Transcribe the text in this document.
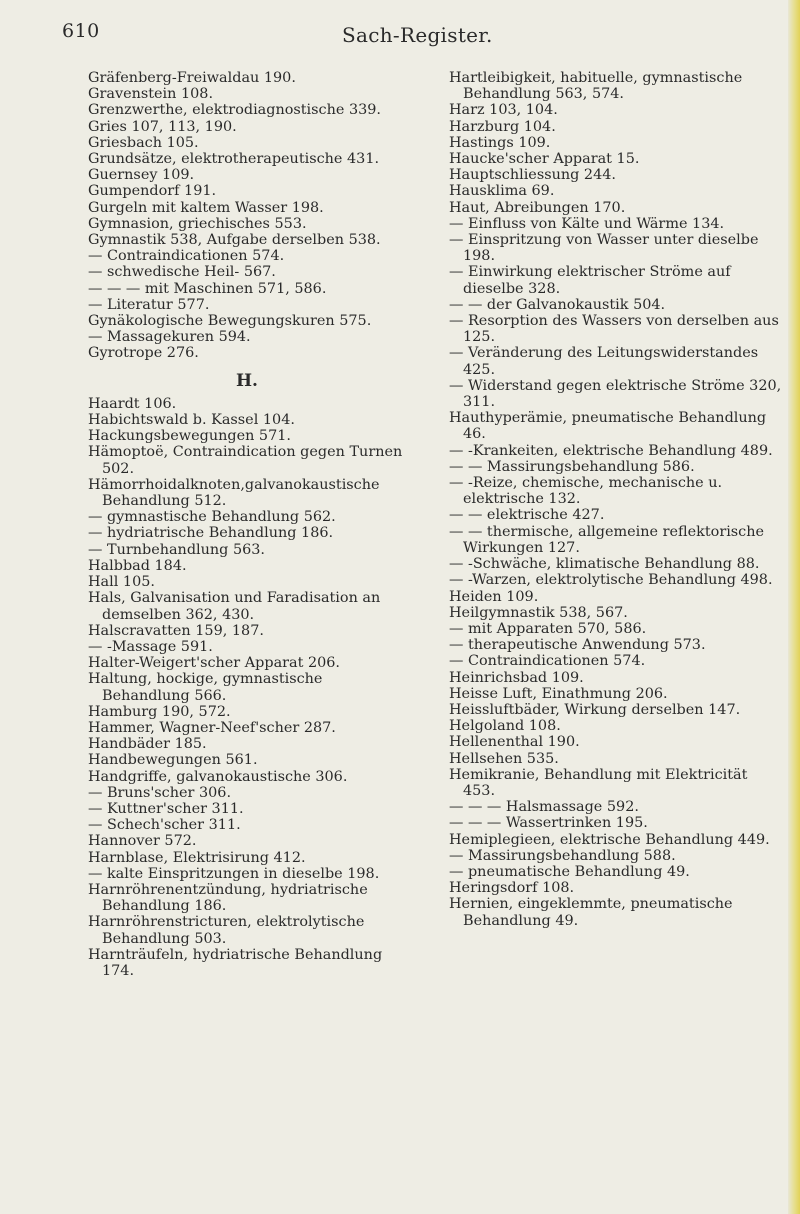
610	Sach-Register.

Gräfenberg-Freiwaldau 190.

Gravenstein 108.

Grenzwerthe, elektrodiagnostische 339.

Gries 107, 113, 190.

Griesbach 105.

Grundsätze, elektrotherapeutische 431.

Guernsey 109.

Gumpendorf 191.

Gurgeln mit kaltem Wasser 198.

Gymnasion, griechisches 553.

Gymnastik 538, Aufgabe derselben 538.

— Contraindicationen 574.

— schwedische Heil- 567.

— — — mit Maschinen 571, 586.

— Literatur 577.

Gynäkologische Bewegungskuren 575.

— Massagekuren 594.

Gyrotrope 276.

H.

Haardt 106.

Habichtswald b. Kassel 104.

Hackungsbewegungen 571.

Hämoptoë, Contraindication gegen Turnen 502.

Hämorrhoidalknoten,galvanokaustische Behandlung 512.

— gymnastische Behandlung 562.

— hydriatrische Behandlung 186.

— Turnbehandlung 563.

Halbbad 184.

Hall 105.

Hals, Galvanisation und Faradisation an demselben 362, 430.

Halscravatten 159, 187.

— -Massage 591.

Halter-Weigert'scher Apparat 206.

Haltung, hockige, gymnastische Behandlung 566.

Hamburg 190, 572.

Hammer, Wagner-Neef'scher 287.

Handbäder 185.

Handbewegungen 561.

Handgriffe, galvanokaustische 306.

— Bruns'scher 306.

— Kuttner'scher 311.

— Schech'scher 311.

Hannover 572.

Harnblase, Elektrisirung 412.

— kalte Einspritzungen in dieselbe 198.

Harnröhrenentzündung, hydriatrische Behandlung 186.

Harnröhrenstricturen, elektrolytische Behandlung 503.

Harnträufeln, hydriatrische Behandlung 174.

Hartleibigkeit, habituelle, gymnastische Behandlung 563, 574.

Harz 103, 104.

Harzburg 104.

Hastings 109.

Haucke'scher Apparat 15.

Hauptschliessung 244.

Hausklima 69.

Haut, Abreibungen 170.

— Einfluss von Kälte und Wärme 134.

— Einspritzung von Wasser unter dieselbe 198.

— Einwirkung elektrischer Ströme auf dieselbe 328.

— — der Galvanokaustik 504.

— Resorption des Wassers von derselben aus 125.

— Veränderung des Leitungswiderstandes 425.

— Widerstand gegen elektrische Ströme 320, 311.

Hauthyperämie, pneumatische Behandlung 46.

— -Krankeiten, elektrische Behandlung 489.

— — Massirungsbehandlung 586.

— -Reize, chemische, mechanische u. elektrische 132.

— — elektrische 427.

— — thermische, allgemeine reflektorische Wirkungen 127.

— -Schwäche, klimatische Behandlung 88.

— -Warzen, elektrolytische Behandlung 498.

Heiden 109.

Heilgymnastik 538, 567.

— mit Apparaten 570, 586.

— therapeutische Anwendung 573.

— Contraindicationen 574.

Heinrichsbad 109.

Heisse Luft, Einathmung 206.

Heissluftbäder, Wirkung derselben 147.

Helgoland 108.

Hellenenthal 190.

Hellsehen 535.

Hemikranie, Behandlung mit Elektricität 453.

— — — Halsmassage 592.

— — — Wassertrinken 195.

Hemiplegieen, elektrische Behandlung 449.

— Massirungsbehandlung 588.

— pneumatische Behandlung 49.

Heringsdorf 108.

Hernien, eingeklemmte, pneumatische Behandlung 49.
